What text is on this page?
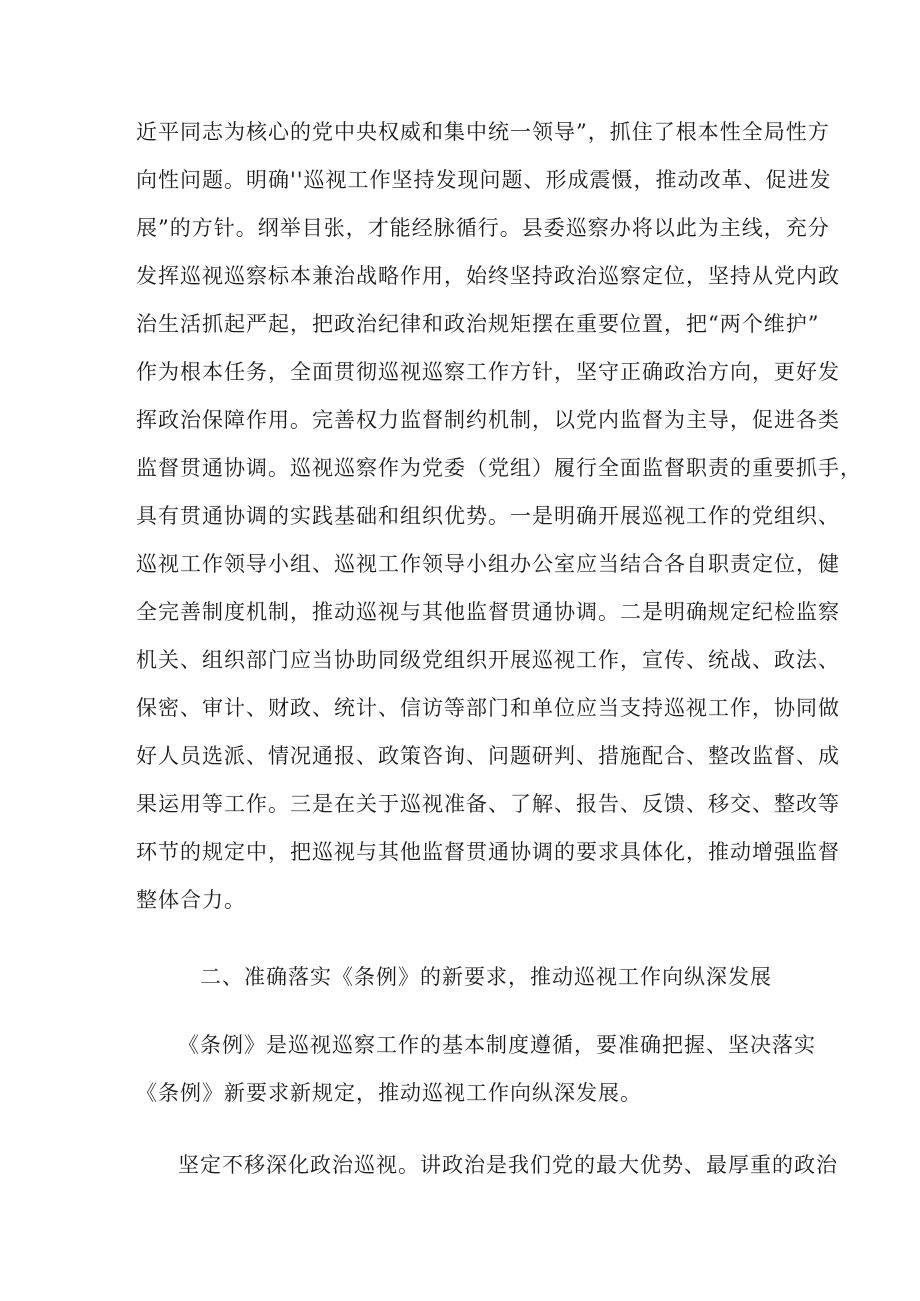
近平同志为核心的党中央权威和集中统一领导”，抓住了根本性全局性方
向性问题。明确''巡视工作坚持发现问题、形成震慑，推动改革、促进发
展”的方针。纲举目张，才能经脉循行。县委巡察办将以此为主线，充分
发挥巡视巡察标本兼治战略作用，始终坚持政治巡察定位，坚持从党内政
治生活抓起严起，把政治纪律和政治规矩摆在重要位置，把“两个维护”
作为根本任务，全面贯彻巡视巡察工作方针，坚守正确政治方向，更好发
挥政治保障作用。完善权力监督制约机制，以党内监督为主导，促进各类
监督贯通协调。巡视巡察作为党委（党组）履行全面监督职责的重要抓手，
具有贯通协调的实践基础和组织优势。一是明确开展巡视工作的党组织、
巡视工作领导小组、巡视工作领导小组办公室应当结合各自职责定位，健
全完善制度机制，推动巡视与其他监督贯通协调。二是明确规定纪检监察
机关、组织部门应当协助同级党组织开展巡视工作，宣传、统战、政法、
保密、审计、财政、统计、信访等部门和单位应当支持巡视工作，协同做
好人员选派、情况通报、政策咨询、问题研判、措施配合、整改监督、成
果运用等工作。三是在关于巡视准备、了解、报告、反馈、移交、整改等
环节的规定中，把巡视与其他监督贯通协调的要求具体化，推动增强监督
整体合力。
二、准确落实《条例》的新要求，推动巡视工作向纵深发展
《条例》是巡视巡察工作的基本制度遵循，要准确把握、坚决落实
《条例》新要求新规定，推动巡视工作向纵深发展。
坚定不移深化政治巡视。讲政治是我们党的最大优势、最厚重的政治
